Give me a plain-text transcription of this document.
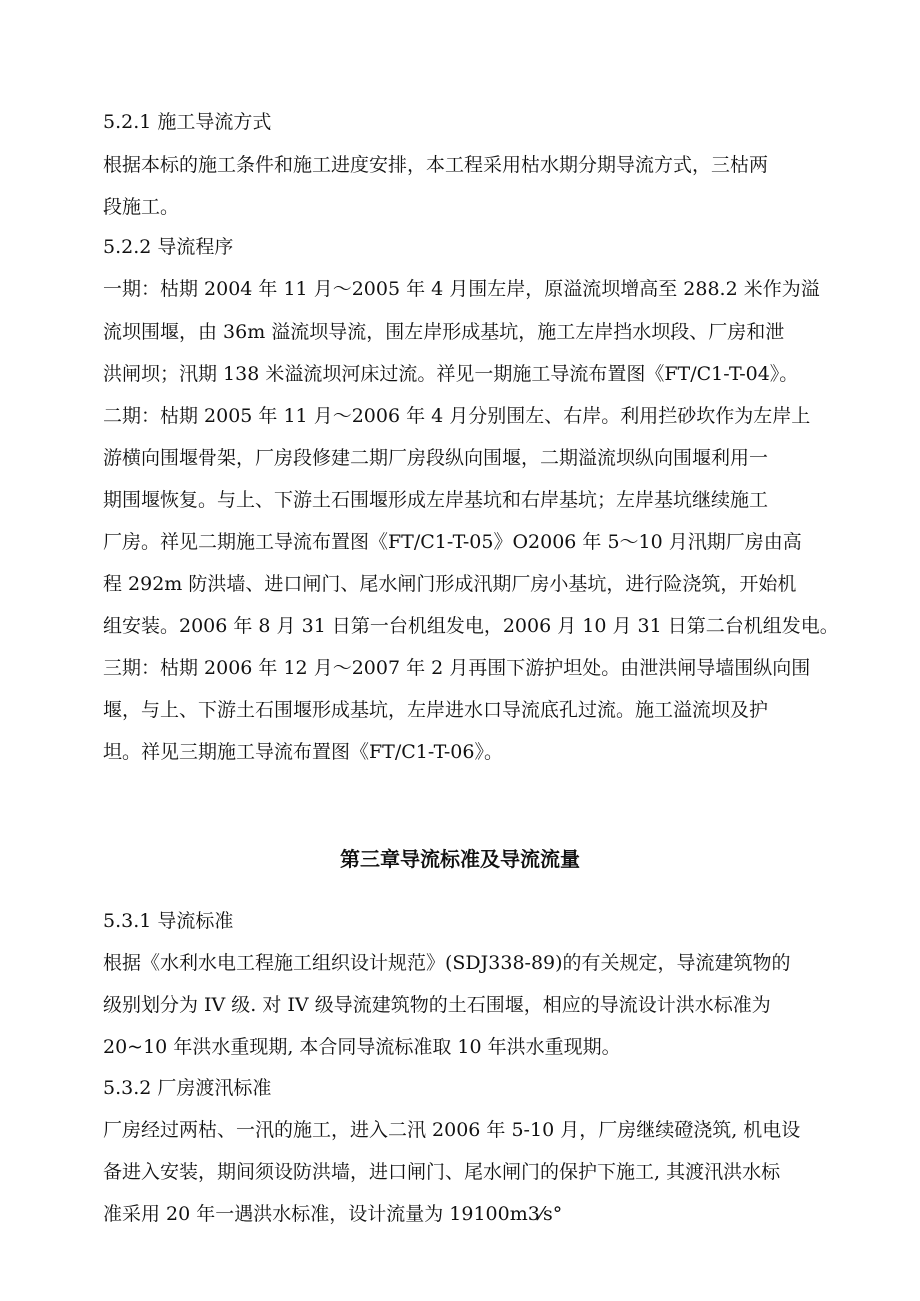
5.2.1 施工导流方式
根据本标的施工条件和施工进度安排，本工程采用枯水期分期导流方式，三枯两
段施工。
5.2.2 导流程序
一期：枯期 2004 年 11 月～2005 年 4 月围左岸，原溢流坝增高至 288.2 米作为溢
流坝围堰，由 36m 溢流坝导流，围左岸形成基坑，施工左岸挡水坝段、厂房和泄
洪闸坝；汛期 138 米溢流坝河床过流。祥见一期施工导流布置图《FT/C1-T-04》。
二期：枯期 2005 年 11 月～2006 年 4 月分别围左、右岸。利用拦砂坎作为左岸上
游横向围堰骨架，厂房段修建二期厂房段纵向围堰，二期溢流坝纵向围堰利用一
期围堰恢复。与上、下游土石围堰形成左岸基坑和右岸基坑；左岸基坑继续施工
厂房。祥见二期施工导流布置图《FT/C1-T-05》O2006 年 5～10 月汛期厂房由高
程 292m 防洪墙、进口闸门、尾水闸门形成汛期厂房小基坑，进行险浇筑，开始机
组安装。2006 年 8 月 31 日第一台机组发电，2006 月 10 月 31 日第二台机组发电。
三期：枯期 2006 年 12 月～2007 年 2 月再围下游护坦处。由泄洪闸导墙围纵向围
堰，与上、下游土石围堰形成基坑，左岸进水口导流底孔过流。施工溢流坝及护
坦。祥见三期施工导流布置图《FT/C1-T-06》。
第三章导流标准及导流流量
5.3.1 导流标准
根据《水利水电工程施工组织设计规范》(SDJ338-89)的有关规定，导流建筑物的
级别划分为 IV 级. 对 IV 级导流建筑物的土石围堰，相应的导流设计洪水标准为
20~10 年洪水重现期, 本合同导流标准取 10 年洪水重现期。
5.3.2 厂房渡汛标准
厂房经过两枯、一汛的施工，进入二汛 2006 年 5-10 月，厂房继续磴浇筑, 机电设
备进入安装，期间须设防洪墙，进口闸门、尾水闸门的保护下施工, 其渡汛洪水标
准采用 20 年一遇洪水标准，设计流量为 19100m3⁄s°
